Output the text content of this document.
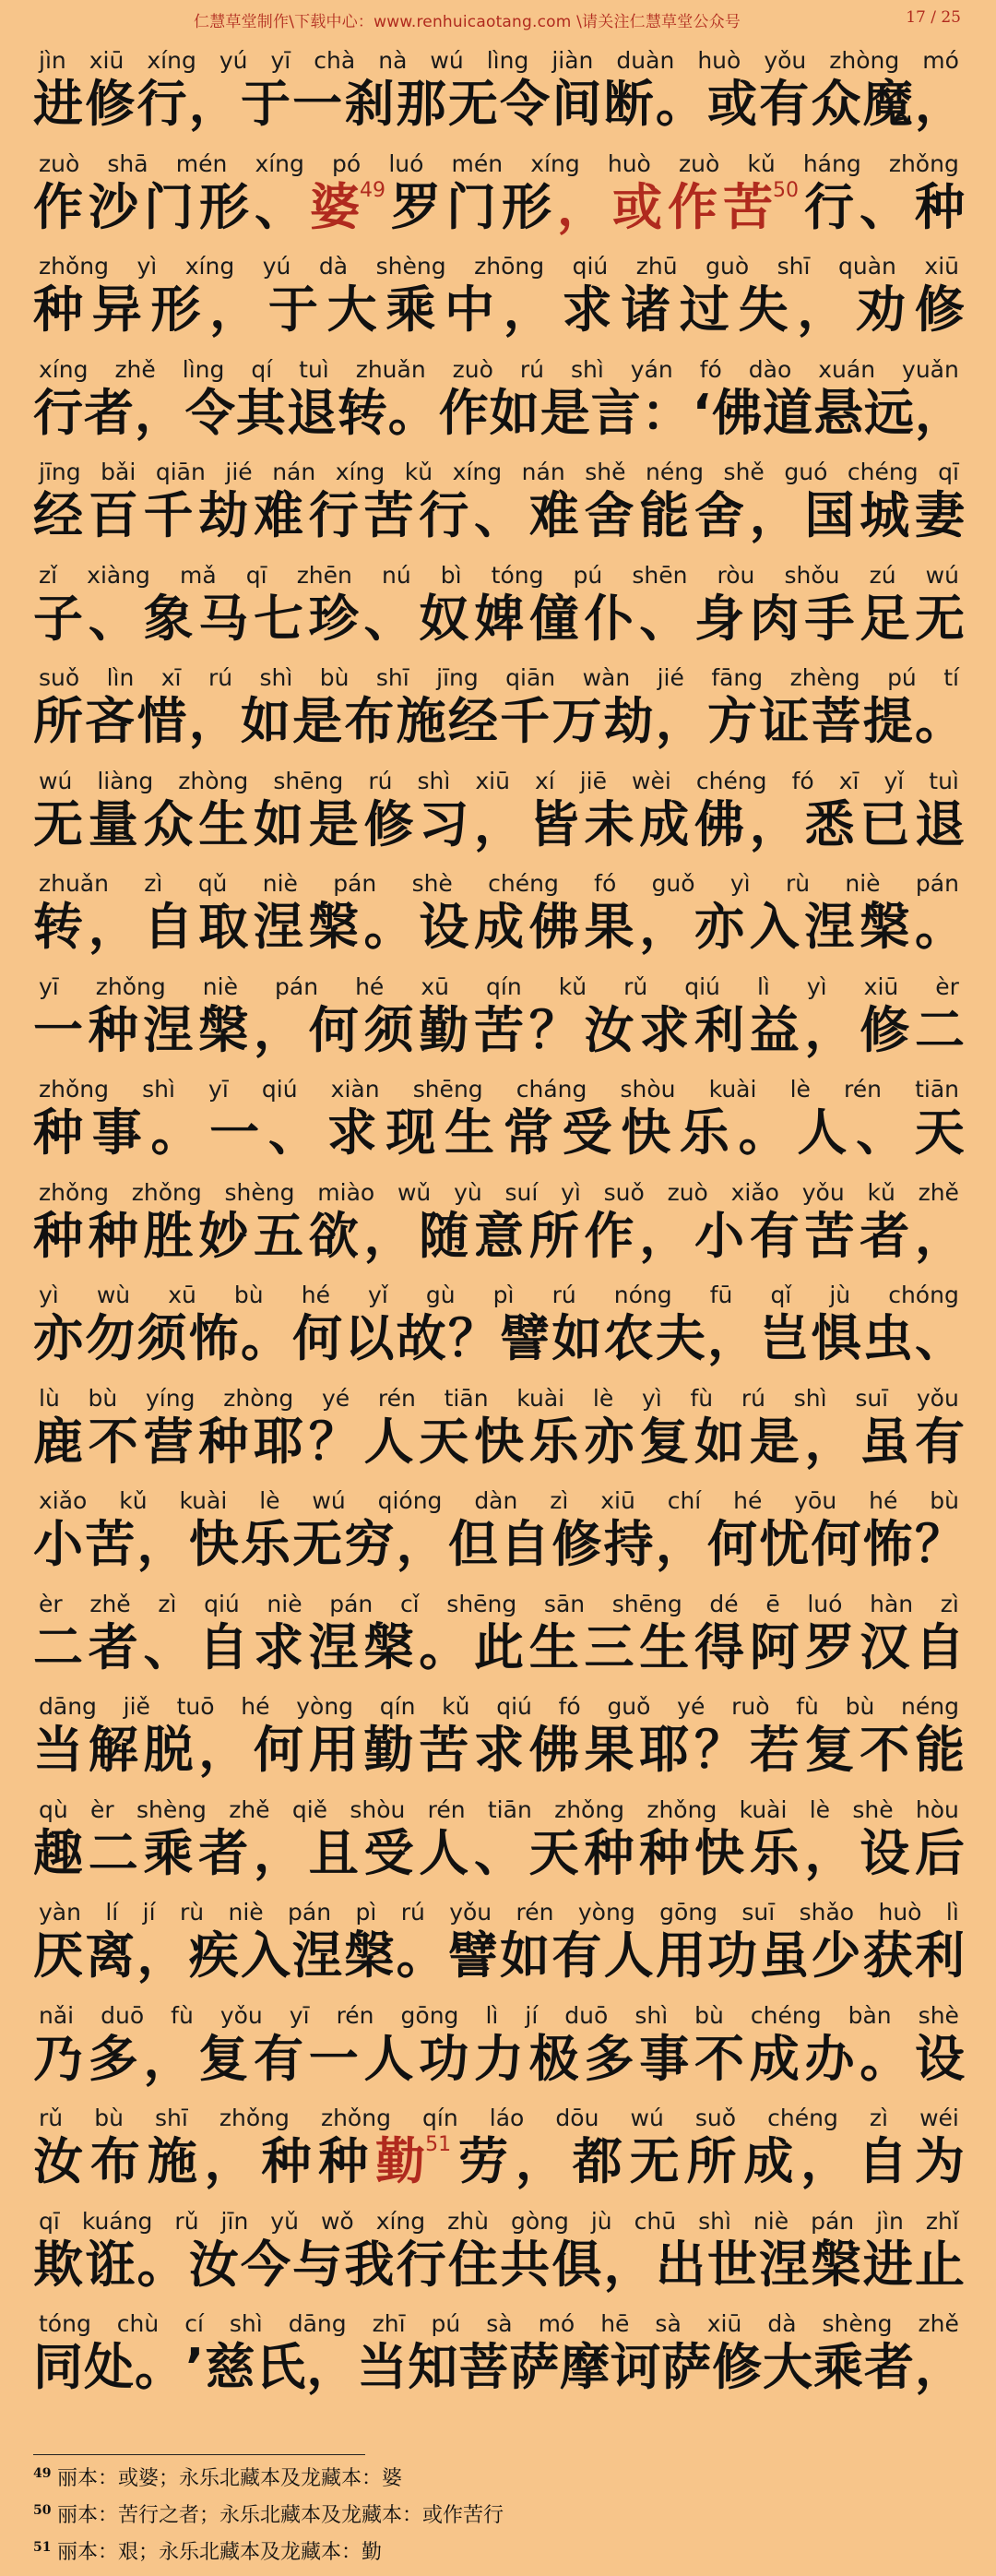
仁慧草堂制作\下载中心：www.renhuicaotang.com \请关注仁慧草堂公众号	17 / 25
jìn xiū xíng yú yī chà nà wú lìng jiàn duàn huò yǒu zhòng mó
进 修 行 ， 于 一 刹 那 无 令 间 断 。 或 有 众 魔 ，
zuò shā mén xíng pó luó mén xíng huò zuò kǔ háng zhǒng
作 沙 门 形 、 婆$^{49}$ 罗 门 形 ， 或 作 苦$^{50}$ 行 、 种
zhǒng yì xíng yú dà shèng zhōng qiú zhū guò shī quàn xiū
种 异 形 ， 于 大 乘 中 ， 求 诸 过 失 ， 劝 修
xíng zhě lìng qí tuì zhuǎn zuò rú shì yán fó dào xuán yuǎn
行 者 ， 令 其 退 转 。 作 如 是 言 ： ‘ 佛 道 悬 远 ，
jīng bǎi qiān jié nán xíng kǔ xíng nán shě néng shě guó chéng qī
经 百 千 劫 难 行 苦 行 、 难 舍 能 舍 ， 国 城 妻
zǐ xiàng mǎ qī zhēn nú bì tóng pú shēn ròu shǒu zú wú
子 、 象 马 七 珍 、 奴 婢 僮 仆 、 身 肉 手 足 无
suǒ lìn xī rú shì bù shī jīng qiān wàn jié fāng zhèng pú tí
所 吝 惜 ， 如 是 布 施 经 千 万 劫 ， 方 证 菩 提 。
wú liàng zhòng shēng rú shì xiū xí jiē wèi chéng fó xī yǐ tuì
无 量 众 生 如 是 修 习 ， 皆 未 成 佛 ， 悉 已 退
zhuǎn zì qǔ niè pán shè chéng fó guǒ yì rù niè pán
转 ， 自 取 涅 槃 。 设 成 佛 果 ， 亦 入 涅 槃 。
yī zhǒng niè pán hé xū qín kǔ rǔ qiú lì yì xiū èr
一 种 涅 槃 ， 何 须 勤 苦 ？ 汝 求 利 益 ， 修 二
zhǒng shì yī qiú xiàn shēng cháng shòu kuài lè rén tiān
种 事 。 一 、 求 现 生 常 受 快 乐 。 人 、 天
zhǒng zhǒng shèng miào wǔ yù suí yì suǒ zuò xiǎo yǒu kǔ zhě
种 种 胜 妙 五 欲 ， 随 意 所 作 ， 小 有 苦 者 ，
yì wù xū bù hé yǐ gù pì rú nóng fū qǐ jù chóng
亦 勿 须 怖 。 何 以 故 ？ 譬 如 农 夫 ， 岂 惧 虫 、
lù bù yíng zhòng yé rén tiān kuài lè yì fù rú shì suī yǒu
鹿 不 营 种 耶 ？ 人 天 快 乐 亦 复 如 是 ， 虽 有
xiǎo kǔ kuài lè wú qióng dàn zì xiū chí hé yōu hé bù
小 苦 ， 快 乐 无 穷 ， 但 自 修 持 ， 何 忧 何 怖 ？
èr zhě zì qiú niè pán cǐ shēng sān shēng dé ē luó hàn zì
二 者 、 自 求 涅 槃 。 此 生 三 生 得 阿 罗 汉 自
dāng jiě tuō hé yòng qín kǔ qiú fó guǒ yé ruò fù bù néng
当 解 脱 ， 何 用 勤 苦 求 佛 果 耶 ？ 若 复 不 能
qù èr shèng zhě qiě shòu rén tiān zhǒng zhǒng kuài lè shè hòu
趣 二 乘 者 ， 且 受 人 、 天 种 种 快 乐 ， 设 后
yàn lí jí rù niè pán pì rú yǒu rén yòng gōng suī shǎo huò lì
厌 离 ， 疾 入 涅 槃 。 譬 如 有 人 用 功 虽 少 获 利
nǎi duō fù yǒu yī rén gōng lì jí duō shì bù chéng bàn shè
乃 多 ， 复 有 一 人 功 力 极 多 事 不 成 办 。 设
rǔ bù shī zhǒng zhǒng qín láo dōu wú suǒ chéng zì wéi
汝 布 施 ， 种 种 勤$^{51}$ 劳 ， 都 无 所 成 ， 自 为
qī kuáng rǔ jīn yǔ wǒ xíng zhù gòng jù chū shì niè pán jìn zhǐ
欺 诳 。 汝 今 与 我 行 住 共 俱 ， 出 世 涅 槃 进 止
tóng chù cí shì dāng zhī pú sà mó hē sà xiū dà shèng zhě
同 处 。 ’ 慈 氏 ， 当 知 菩 萨 摩 诃 萨 修 大 乘 者 ，
49 丽本：或婆；永乐北藏本及龙藏本：婆
50 丽本：苦行之者；永乐北藏本及龙藏本：或作苦行
51 丽本：艰；永乐北藏本及龙藏本：勤
